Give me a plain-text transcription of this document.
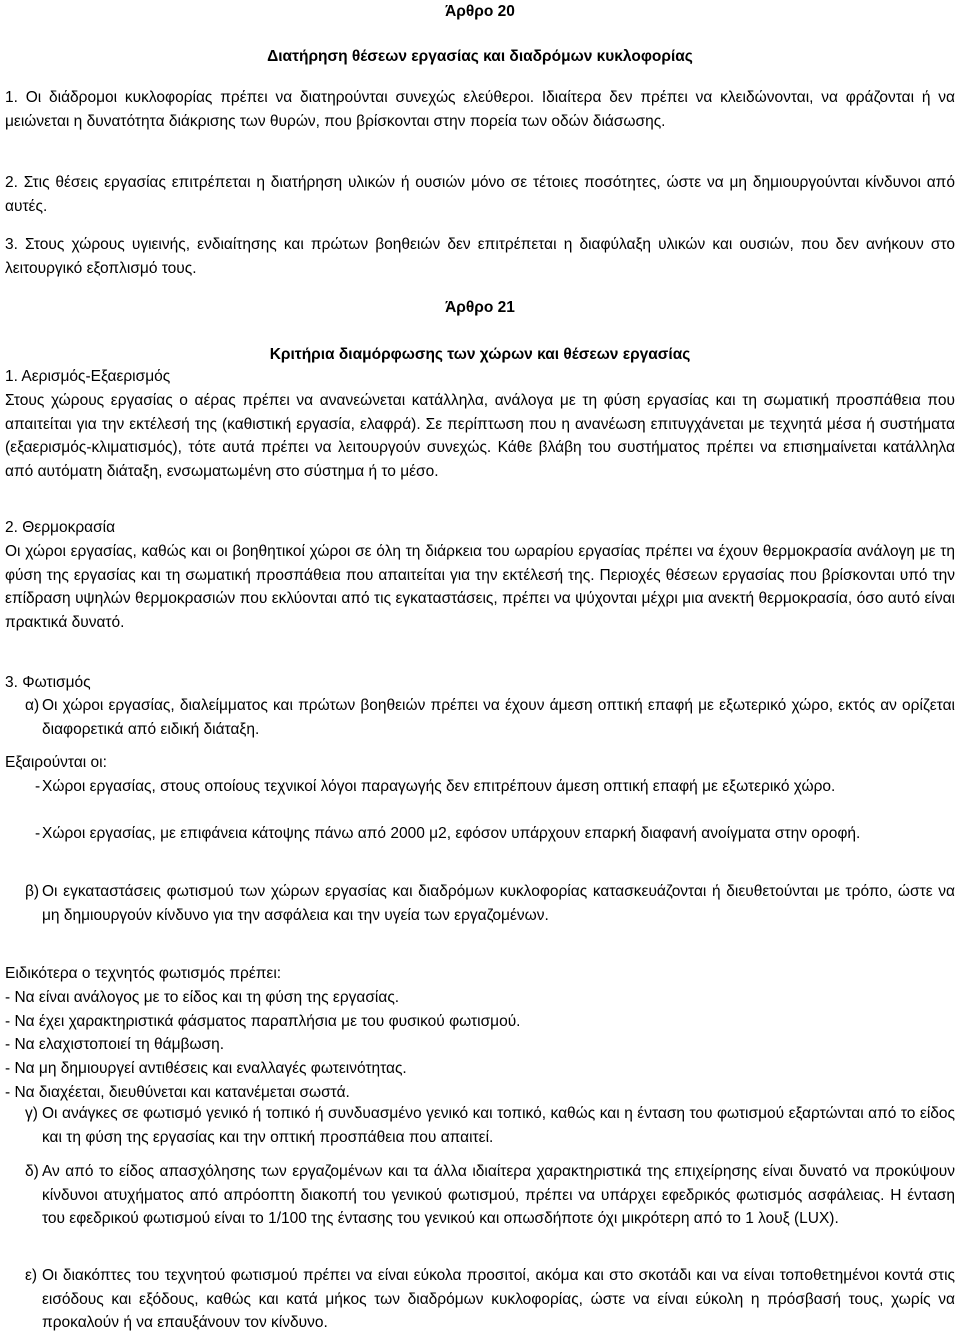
Άρθρο 20

Διατήρηση θέσεων εργασίας και διαδρόμων κυκλοφορίας

1. Οι διάδρομοι κυκλοφορίας πρέπει να διατηρούνται συνεχώς ελεύθεροι. Ιδιαίτερα δεν πρέπει να κλειδώνονται, να φράζονται ή να μειώνεται η δυνατότητα διάκρισης των θυρών, που βρίσκονται στην πορεία των οδών διάσωσης.

2. Στις θέσεις εργασίας επιτρέπεται η διατήρηση υλικών ή ουσιών μόνο σε τέτοιες ποσότητες, ώστε να μη δημιουργούνται κίνδυνοι από αυτές.

3. Στους χώρους υγιεινής, ενδιαίτησης και πρώτων βοηθειών δεν επιτρέπεται η διαφύλαξη υλικών και ουσιών, που δεν ανήκουν στο λειτουργικό εξοπλισμό τους.

Άρθρο 21

Κριτήρια διαμόρφωσης των χώρων και θέσεων εργασίας

1. Αερισμός-Εξαερισμός

Στους χώρους εργασίας ο αέρας πρέπει να ανανεώνεται κατάλληλα, ανάλογα με τη φύση εργασίας και τη σωματική προσπάθεια που απαιτείται για την εκτέλεσή της (καθιστική εργασία, ελαφρά). Σε περίπτωση που η ανανέωση επιτυγχάνεται με τεχνητά μέσα ή συστήματα (εξαερισμός-κλιματισμός), τότε αυτά πρέπει να λειτουργούν συνεχώς. Κάθε βλάβη του συστήματος πρέπει να επισημαίνεται κατάλληλα από αυτόματη διάταξη, ενσωματωμένη στο σύστημα ή το μέσο.

2. Θερμοκρασία

Οι χώροι εργασίας, καθώς και οι βοηθητικοί χώροι σε όλη τη διάρκεια του ωραρίου εργασίας πρέπει να έχουν θερμοκρασία ανάλογη με τη φύση της εργασίας και τη σωματική προσπάθεια που απαιτείται για την εκτέλεσή της. Περιοχές θέσεων εργασίας που βρίσκονται υπό την επίδραση υψηλών θερμοκρασιών που εκλύονται από τις εγκαταστάσεις, πρέπει να ψύχονται μέχρι μια ανεκτή θερμοκρασία, όσο αυτό είναι πρακτικά δυνατό.

3. Φωτισμός

α) Οι χώροι εργασίας, διαλείμματος και πρώτων βοηθειών πρέπει να έχουν άμεση οπτική επαφή με εξωτερικό χώρο, εκτός αν ορίζεται διαφορετικά από ειδική διάταξη.

Εξαιρούνται οι:

- Χώροι εργασίας, στους οποίους τεχνικοί λόγοι παραγωγής δεν επιτρέπουν άμεση οπτική επαφή με εξωτερικό χώρο.
- Χώροι εργασίας, με επιφάνεια κάτοψης πάνω από 2000 μ2, εφόσον υπάρχουν επαρκή διαφανή ανοίγματα στην οροφή.
β) Οι εγκαταστάσεις φωτισμού των χώρων εργασίας και διαδρόμων κυκλοφορίας κατασκευάζονται ή διευθετούνται με τρόπο, ώστε να μη δημιουργούν κίνδυνο για την ασφάλεια και την υγεία των εργαζομένων.

Ειδικότερα ο τεχνητός φωτισμός πρέπει:

- Να είναι ανάλογος με το είδος και τη φύση της εργασίας.
- Να έχει χαρακτηριστικά φάσματος παραπλήσια με του φυσικού φωτισμού.
- Να ελαχιστοποιεί τη θάμβωση.
- Να μη δημιουργεί αντιθέσεις και εναλλαγές φωτεινότητας.
- Να διαχέεται, διευθύνεται και κατανέμεται σωστά.
γ) Οι ανάγκες σε φωτισμό γενικό ή τοπικό ή συνδυασμένο γενικό και τοπικό, καθώς και η ένταση του φωτισμού εξαρτώνται από το είδος και τη φύση της εργασίας και την οπτική προσπάθεια που απαιτεί.
δ) Αν από το είδος απασχόλησης των εργαζομένων και τα άλλα ιδιαίτερα χαρακτηριστικά της επιχείρησης είναι δυνατό να προκύψουν κίνδυνοι ατυχήματος από απρόοπτη διακοπή του γενικού φωτισμού, πρέπει να υπάρχει εφεδρικός φωτισμός ασφάλειας. Η ένταση του εφεδρικού φωτισμού είναι το 1/100 της έντασης του γενικού και οπωσδήποτε όχι μικρότερη από το 1 λουξ (LUX).
ε) Οι διακόπτες του τεχνητού φωτισμού πρέπει να είναι εύκολα προσιτοί, ακόμα και στο σκοτάδι και να είναι τοποθετημένοι κοντά στις εισόδους και εξόδους, καθώς και κατά μήκος των διαδρόμων κυκλοφορίας, ώστε να είναι εύκολη η πρόσβασή τους, χωρίς να προκαλούν ή να επαυξάνουν τον κίνδυνο.
